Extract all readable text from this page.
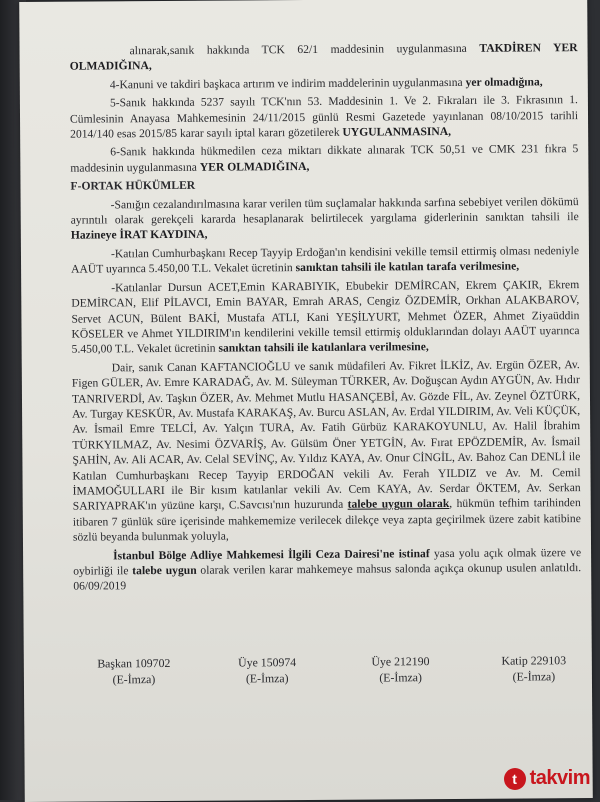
alınarak,sanık hakkında TCK 62/1 maddesinin uygulanmasına TAKDİREN YER OLMADIĞINA,

4-Kanuni ve takdiri başkaca artırım ve indirim maddelerinin uygulanmasına yer olmadığına,

5-Sanık hakkında 5237 sayılı TCK'nın 53. Maddesinin 1. Ve 2. Fıkraları ile 3. Fıkrasının 1. Cümlesinin Anayasa Mahkemesinin 24/11/2015 günlü Resmi Gazetede yayınlanan 08/10/2015 tarihli 2014/140 esas 2015/85 karar sayılı iptal kararı gözetilerek UYGULANMASINA,

6-Sanık hakkında hükmedilen ceza miktarı dikkate alınarak TCK 50,51 ve CMK 231 fıkra 5 maddesinin uygulanmasına YER OLMADIĞINA,

F-ORTAK HÜKÜMLER

-Sanığın cezalandırılmasına karar verilen tüm suçlamalar hakkında sarfına sebebiyet verilen dökümü ayrıntılı olarak gerekçeli kararda hesaplanarak belirtilecek yargılama giderlerinin sanıktan tahsili ile Hazineye İRAT KAYDINA,

-Katılan Cumhurbaşkanı Recep Tayyip Erdoğan'ın kendisini vekille temsil ettirmiş olması nedeniyle AAÜT uyarınca 5.450,00 T.L. Vekalet ücretinin sanıktan tahsili ile katılan tarafa verilmesine,

-Katılanlar Dursun ACET,Emin KARABIYIK, Ebubekir DEMİRCAN, Ekrem ÇAKIR, Ekrem DEMİRCAN, Elif PİLAVCI, Emin BAYAR, Emrah ARAS, Cengiz ÖZDEMİR, Orkhan ALAKBAROV, Servet ACUN, Bülent BAKİ, Mustafa ATLI, Kani YEŞİLYURT, Mehmet ÖZER, Ahmet Ziyaüddin KÖSELER ve Ahmet YILDIRIM'ın kendilerini vekille temsil ettirmiş olduklarından dolayı AAÜT uyarınca 5.450,00 T.L. Vekalet ücretinin sanıktan tahsili ile katılanlara verilmesine,

Dair, sanık Canan KAFTANCIOĞLU ve sanık müdafileri Av. Fikret İLKİZ, Av. Ergün ÖZER, Av. Figen GÜLER, Av. Emre KARADAĞ, Av. M. Süleyman TÜRKER, Av. Doğuşcan Aydın AYGÜN, Av. Hıdır TANRIVERDİ, Av. Taşkın ÖZER, Av. Mehmet Mutlu HASANÇEBİ, Av. Gözde FİL, Av. Zeynel ÖZTÜRK, Av. Turgay KESKÜR, Av. Mustafa KARAKAŞ, Av. Burcu ASLAN, Av. Erdal YILDIRIM, Av. Veli KÜÇÜK, Av. İsmail Emre TELCİ, Av. Yalçın TURA, Av. Fatih Gürbüz KARAKOYUNLU, Av. Halil İbrahim TÜRKYILMAZ, Av. Nesimi ÖZVARİŞ, Av. Gülsüm Öner YETGİN, Av. Fırat EPÖZDEMİR, Av. İsmail ŞAHİN, Av. Ali ACAR, Av. Celal SEVİNÇ, Av. Yıldız KAYA, Av. Onur CİNGİL, Av. Bahoz Can DENLİ ile Katılan Cumhurbaşkanı Recep Tayyip ERDOĞAN vekili Av. Ferah YILDIZ ve Av. M. Cemil İMAMOĞULLARI ile Bir kısım katılanlar vekili Av. Cem KAYA, Av. Serdar ÖKTEM, Av. Serkan SARIYAPRAK'ın yüzüne karşı, C.Savcısı'nın huzurunda talebe uygun olarak, hükmün tefhim tarihinden itibaren 7 günlük süre içerisinde mahkememize verilecek dilekçe veya zapta geçirilmek üzere zabit katibine sözlü beyanda bulunmak yoluyla,

İstanbul Bölge Adliye Mahkemesi İlgili Ceza Dairesi'ne istinaf yasa yolu açık olmak üzere ve oybirliği ile talebe uygun olarak verilen karar mahkemeye mahsus salonda açıkça okunup usulen anlatıldı. 06/09/2019

Başkan 109702
(E-İmza)
Üye 150974
(E-İmza)
Üye 212190
(E-İmza)
Katip 229103
(E-İmza)
t takvim
